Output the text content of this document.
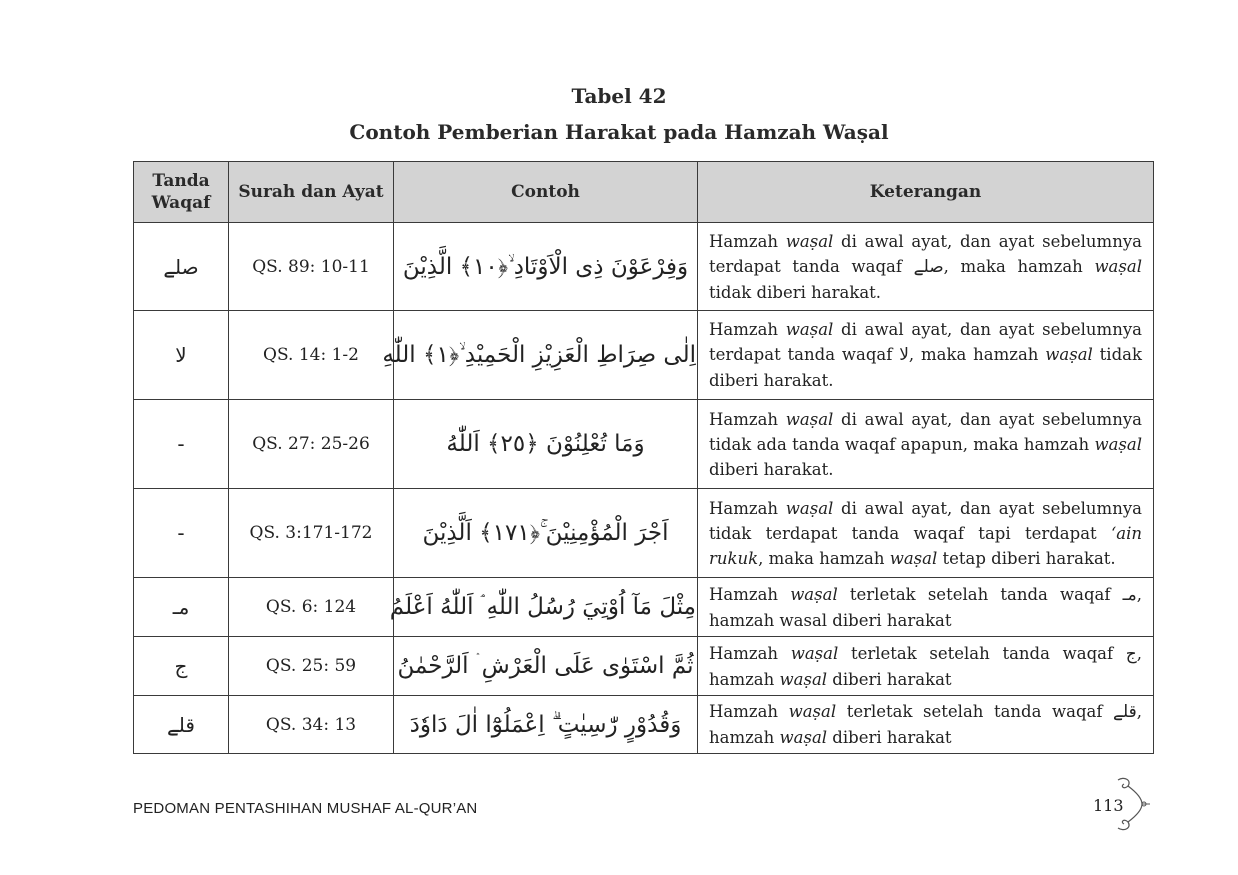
Tabel 42
Contoh Pemberian Harakat pada Hamzah Waṣal
Tanda Waqaf	Surah dan Ayat	Contoh	Keterangan
صلے	QS. 89: 10-11	وَفِرْعَوْنَ ذِى الْاَوْتَادِ ۙ﴿١٠﴾ الَّذِيْنَ	Hamzah waṣal di awal ayat, dan ayat sebelumnya terdapat tanda waqaf صلے, maka hamzah waṣal tidak diberi harakat.
لا	QS. 14: 1-2	اِلٰى صِرَاطِ الْعَزِيْزِ الْحَمِيْدِ ۙ﴿١﴾ اللّٰهِ	Hamzah waṣal di awal ayat, dan ayat sebelumnya terdapat tanda waqaf لا, maka hamzah waṣal tidak diberi harakat.
-	QS. 27: 25-26	وَمَا تُعْلِنُوْنَ ﴿٢٥﴾ اَللّٰهُ	Hamzah waṣal di awal ayat, dan ayat sebelumnya tidak ada tanda waqaf apapun, maka hamzah waṣal diberi harakat.
-	QS. 3:171-172	اَجْرَ الْمُؤْمِنِيْنَ ۚ﴿١٧١﴾ اَلَّذِيْنَ	Hamzah waṣal di awal ayat, dan ayat sebelumnya tidak terdapat tanda waqaf tapi terdapat ‘ain rukuk, maka hamzah waṣal tetap diberi harakat.
مـ	QS. 6: 124	مِثْلَ مَآ اُوْتِيَ رُسُلُ اللّٰهِ ۘ اَللّٰهُ اَعْلَمُ	Hamzah waṣal terletak setelah tanda waqaf مـ, hamzah wasal diberi harakat
ج	QS. 25: 59	ثُمَّ اسْتَوٰى عَلَى الْعَرْشِ ۛ اَلرَّحْمٰنُ	Hamzah waṣal terletak setelah tanda waqaf ج, hamzah waṣal diberi harakat
قلے	QS. 34: 13	وَقُدُوْرٍ رّٰسِيٰتٍ ۗ اِعْمَلُوْٓا اٰلَ دَاوٗدَ	Hamzah waṣal terletak setelah tanda waqaf قلے, hamzah waṣal diberi harakat
PEDOMAN PENTASHIHAN MUSHAF AL-QUR’AN	113
